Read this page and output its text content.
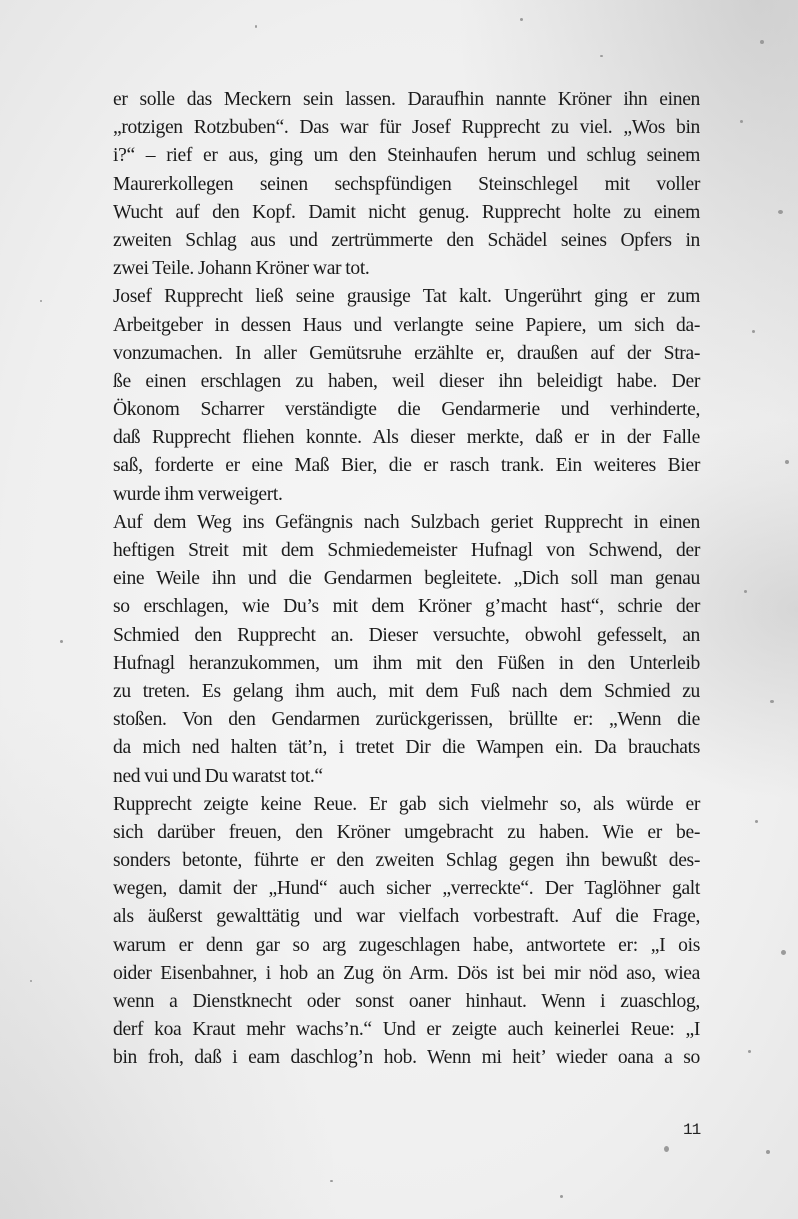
er solle das Meckern sein lassen. Daraufhin nannte Kröner ihn einen
„rotzigen Rotzbuben“. Das war für Josef Rupprecht zu viel. „Wos bin
i?“ – rief er aus, ging um den Steinhaufen herum und schlug seinem
Maurerkollegen seinen sechspfündigen Steinschlegel mit voller
Wucht auf den Kopf. Damit nicht genug. Rupprecht holte zu einem
zweiten Schlag aus und zertrümmerte den Schädel seines Opfers in
zwei Teile. Johann Kröner war tot.
Josef Rupprecht ließ seine grausige Tat kalt. Ungerührt ging er zum
Arbeitgeber in dessen Haus und verlangte seine Papiere, um sich da-
vonzumachen. In aller Gemütsruhe erzählte er, draußen auf der Stra-
ße einen erschlagen zu haben, weil dieser ihn beleidigt habe. Der
Ökonom Scharrer verständigte die Gendarmerie und verhinderte,
daß Rupprecht fliehen konnte. Als dieser merkte, daß er in der Falle
saß, forderte er eine Maß Bier, die er rasch trank. Ein weiteres Bier
wurde ihm verweigert.
Auf dem Weg ins Gefängnis nach Sulzbach geriet Rupprecht in einen
heftigen Streit mit dem Schmiedemeister Hufnagl von Schwend, der
eine Weile ihn und die Gendarmen begleitete. „Dich soll man genau
so erschlagen, wie Du’s mit dem Kröner g’macht hast“, schrie der
Schmied den Rupprecht an. Dieser versuchte, obwohl gefesselt, an
Hufnagl heranzukommen, um ihm mit den Füßen in den Unterleib
zu treten. Es gelang ihm auch, mit dem Fuß nach dem Schmied zu
stoßen. Von den Gendarmen zurückgerissen, brüllte er: „Wenn die
da mich ned halten tät’n, i tretet Dir die Wampen ein. Da brauchats
ned vui und Du waratst tot.“
Rupprecht zeigte keine Reue. Er gab sich vielmehr so, als würde er
sich darüber freuen, den Kröner umgebracht zu haben. Wie er be-
sonders betonte, führte er den zweiten Schlag gegen ihn bewußt des-
wegen, damit der „Hund“ auch sicher „verreckte“. Der Taglöhner galt
als äußerst gewalttätig und war vielfach vorbestraft. Auf die Frage,
warum er denn gar so arg zugeschlagen habe, antwortete er: „I ois
oider Eisenbahner, i hob an Zug ön Arm. Dös ist bei mir nöd aso, wiea
wenn a Dienstknecht oder sonst oaner hinhaut. Wenn i zuaschlog,
derf koa Kraut mehr wachs’n.“ Und er zeigte auch keinerlei Reue: „I
bin froh, daß i eam daschlog’n hob. Wenn mi heit’ wieder oana a so
11
